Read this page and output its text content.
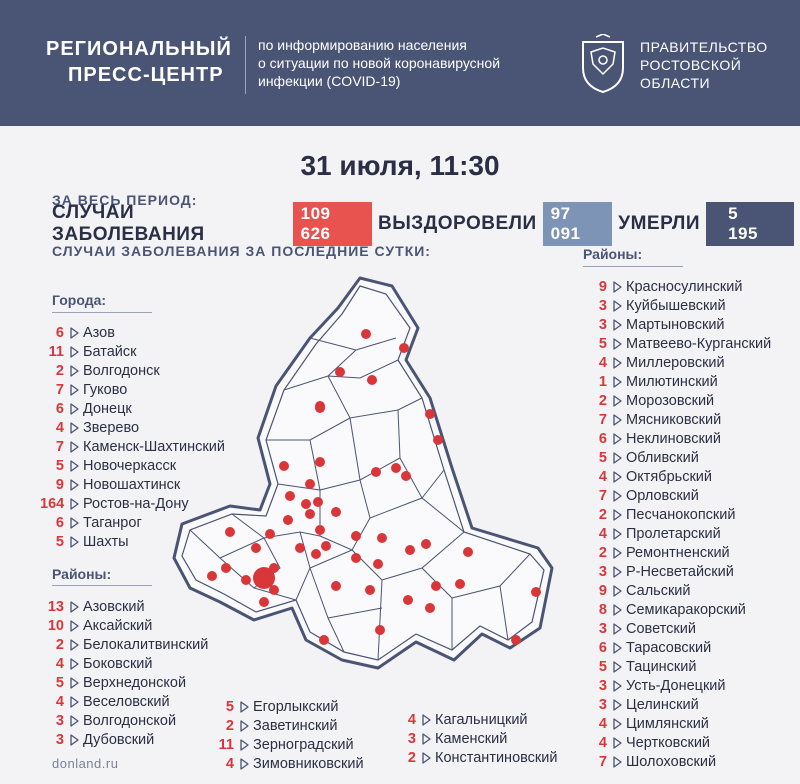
РЕГИОНАЛЬНЫЙ
ПРЕСС-ЦЕНТР
по информированию населения
о ситуации по новой коронавирусной
инфекции (COVID-19)
ПРАВИТЕЛЬСТВО
РОСТОВСКОЙ
ОБЛАСТИ
31 июля, 11:30
ЗА ВЕСЬ ПЕРИОД:
СЛУЧАИ ЗАБОЛЕВАНИЯ
109 626	ВЫЗДОРОВЕЛИ 97 091	УМЕРЛИ	5 195
СЛУЧАИ ЗАБОЛЕВАНИЯ ЗА ПОСЛЕДНИЕ СУТКИ:
Города:
6	Азов
11	Батайск
2	Волгодонск
7	Гуково
6	Донецк
4	Зверево
7	Каменск-Шахтинский
5	Новочеркасск
9	Новошахтинск
164	Ростов-на-Дону
6	Таганрог
5	Шахты
Районы:
13	Азовский
10	Аксайский
2	Белокалитвинский
4	Боковский
5	Верхнедонской
4	Веселовский
3	Волгодонской
3	Дубовский
5	Егорлыкский
2	Заветинский
11	Зерноградский
4	Зимовниковский
4	Кагальницкий
3	Каменский
2	Константиновский
Районы:
9	Красносулинский
3	Куйбышевский
3	Мартыновский
5	Матвеево-Курганский
4	Миллеровский
1	Милютинский
2	Морозовский
7	Мясниковский
6	Неклиновский
5	Обливский
4	Октябрьский
7	Орловский
2	Песчанокопский
4	Пролетарский
2	Ремонтненский
3	Р-Несветайский
9	Сальский
8	Семикаракорский
3	Советский
6	Тарасовский
5	Тацинский
3	Усть-Донецкий
3	Целинский
4	Цимлянский
4	Чертковский
7	Шолоховский
donland.ru
